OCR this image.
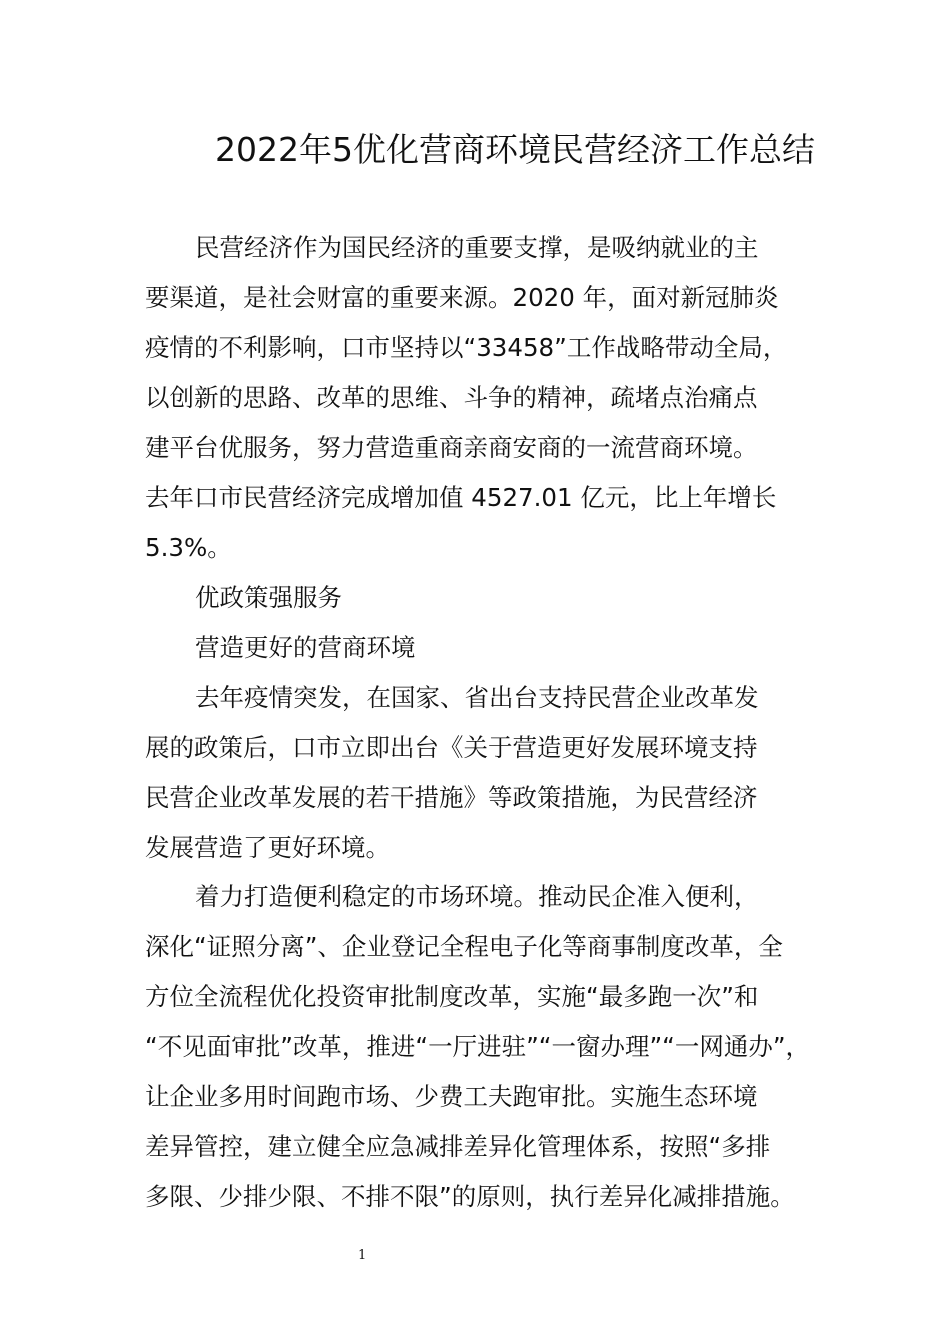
2022年5优化营商环境民营经济工作总结
民营经济作为国民经济的重要支撑，是吸纳就业的主
要渠道，是社会财富的重要来源。2020 年，面对新冠肺炎
疫情的不利影响，口市坚持以“33458”工作战略带动全局，
以创新的思路、改革的思维、斗争的精神，疏堵点治痛点
建平台优服务，努力营造重商亲商安商的一流营商环境。
去年口市民营经济完成增加值 4527.01 亿元，比上年增长
5.3%。
优政策强服务
营造更好的营商环境
去年疫情突发，在国家、省出台支持民营企业改革发
展的政策后，口市立即出台《关于营造更好发展环境支持
民营企业改革发展的若干措施》等政策措施，为民营经济
发展营造了更好环境。
着力打造便利稳定的市场环境。推动民企准入便利，
深化“证照分离”、企业登记全程电子化等商事制度改革，全
方位全流程优化投资审批制度改革，实施“最多跑一次”和
“不见面审批”改革，推进“一厅进驻”“一窗办理”“一网通办”，
让企业多用时间跑市场、少费工夫跑审批。实施生态环境
差异管控，建立健全应急减排差异化管理体系，按照“多排
多限、少排少限、不排不限”的原则，执行差异化减排措施。
1
